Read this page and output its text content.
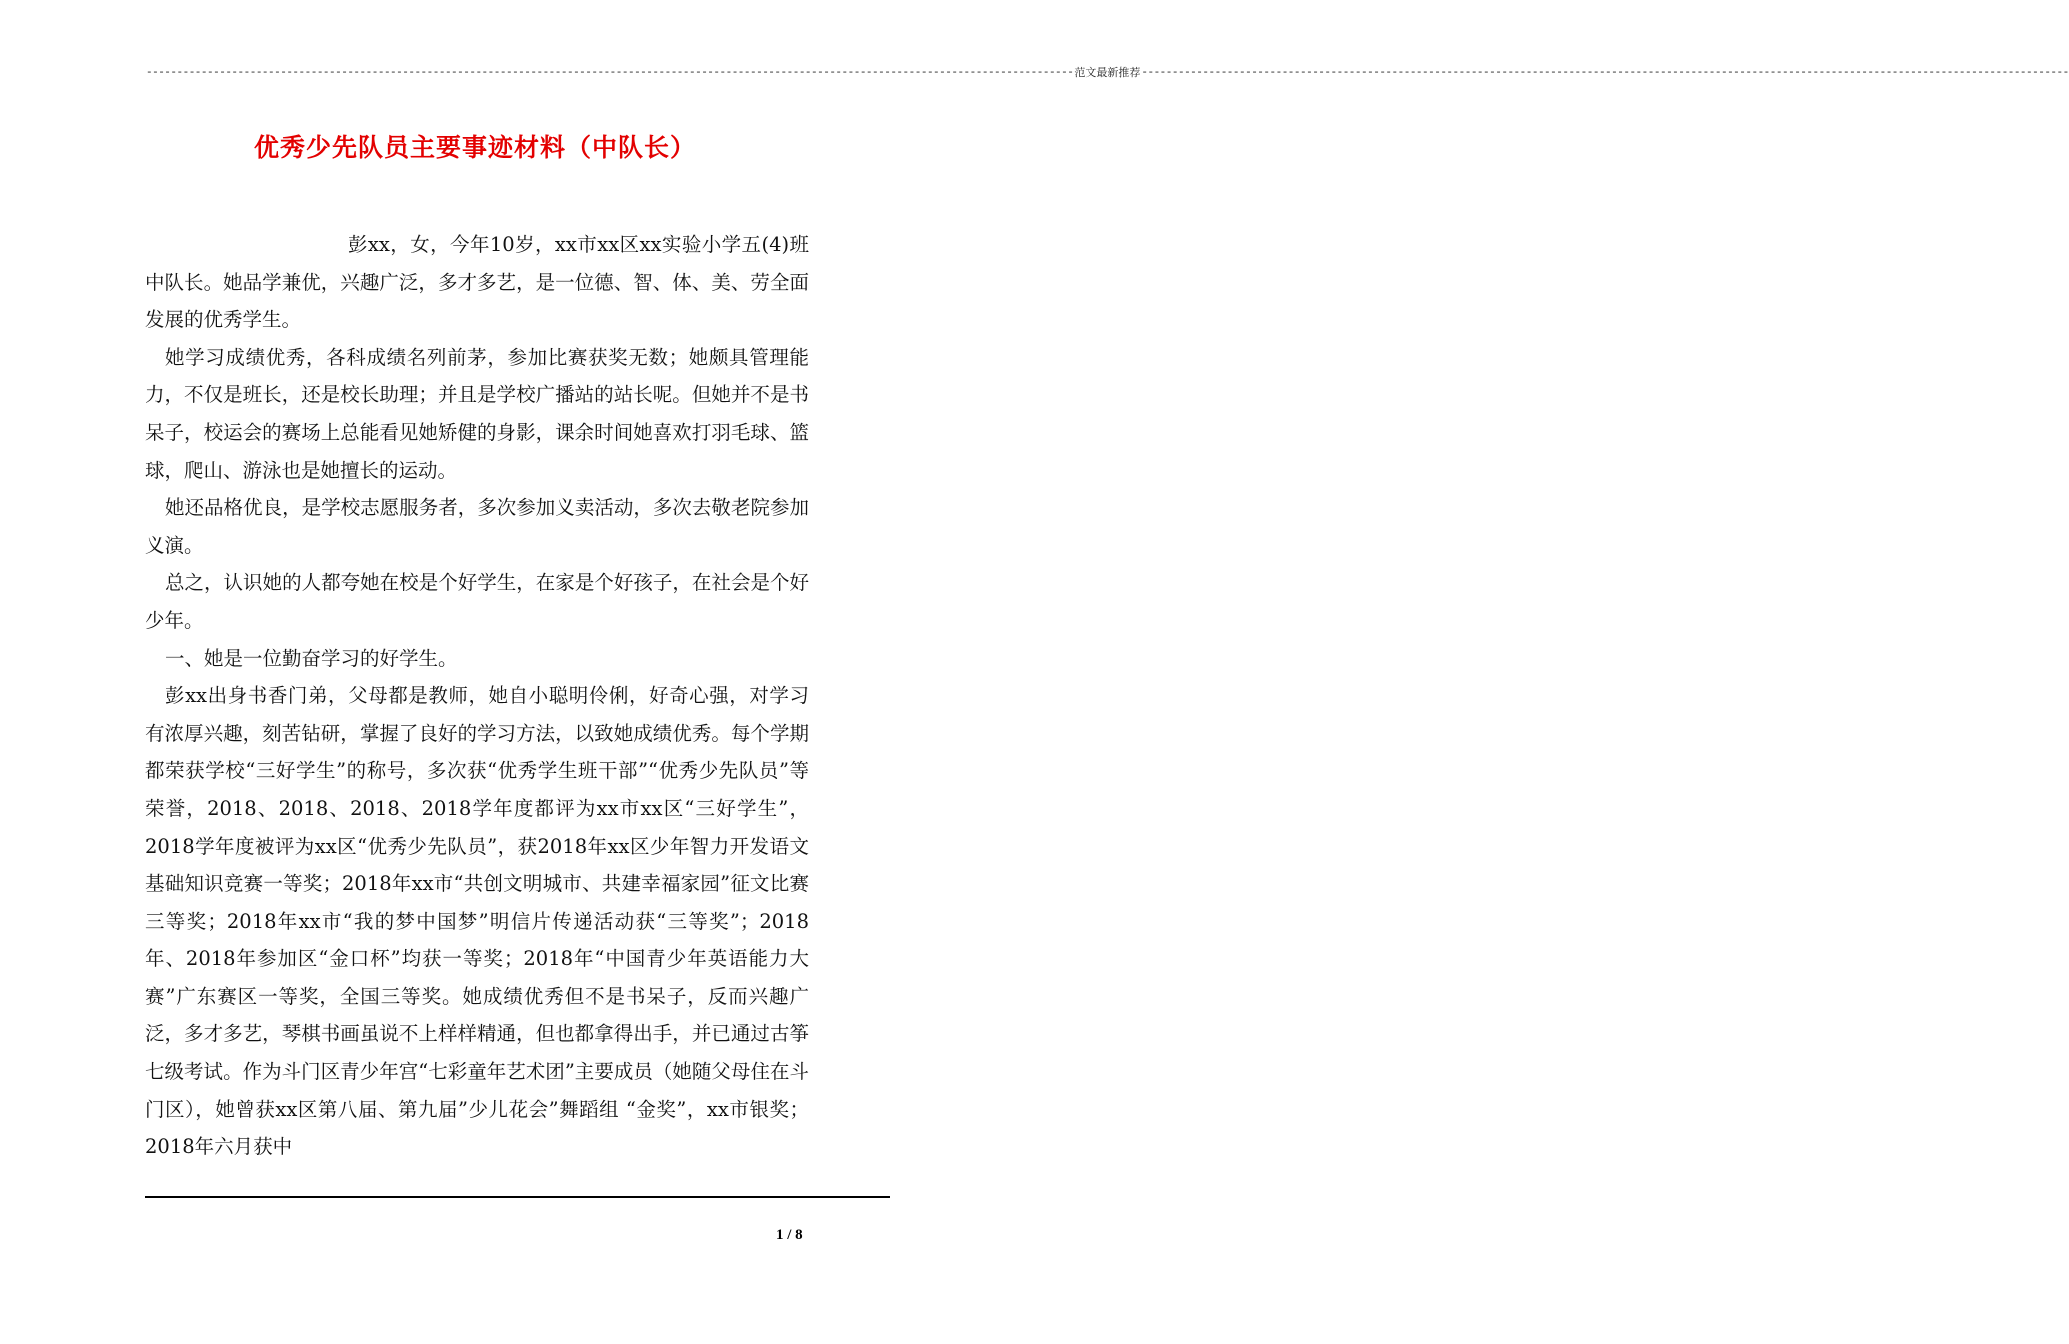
-------------------------------------------------------------------------------------------------------------------------------------------------------- 范文最新推荐 --------------------------------------------------------------------------------------------------------------------------------------------------------
优秀少先队员主要事迹材料（中队长）

彭xx，女，今年10岁，xx市xx区xx实验小学五(4)班中队长。她品学兼优，兴趣广泛，多才多艺，是一位德、智、体、美、劳全面发展的优秀学生。

她学习成绩优秀，各科成绩名列前茅，参加比赛获奖无数；她颇具管理能力，不仅是班长，还是校长助理；并且是学校广播站的站长呢。但她并不是书呆子，校运会的赛场上总能看见她矫健的身影，课余时间她喜欢打羽毛球、篮球，爬山、游泳也是她擅长的运动。

她还品格优良，是学校志愿服务者，多次参加义卖活动，多次去敬老院参加义演。

总之，认识她的人都夸她在校是个好学生，在家是个好孩子，在社会是个好少年。

一、她是一位勤奋学习的好学生。

彭xx出身书香门弟，父母都是教师，她自小聪明伶俐，好奇心强，对学习有浓厚兴趣，刻苦钻研，掌握了良好的学习方法，以致她成绩优秀。每个学期都荣获学校“三好学生”的称号，多次获“优秀学生班干部”“优秀少先队员”等荣誉，2018、2018、2018、2018学年度都评为xx市xx区“三好学生”，2018学年度被评为xx区“优秀少先队员”，获2018年xx区少年智力开发语文基础知识竞赛一等奖；2018年xx市“共创文明城市、共建幸福家园”征文比赛三等奖；2018年xx市“我的梦中国梦”明信片传递活动获“三等奖”；2018年、2018年参加区“金口杯”均获一等奖；2018年“中国青少年英语能力大赛”广东赛区一等奖，全国三等奖。她成绩优秀但不是书呆子，反而兴趣广泛，多才多艺，琴棋书画虽说不上样样精通，但也都拿得出手，并已通过古筝七级考试。作为斗门区青少年宫“七彩童年艺术团”主要成员（她随父母住在斗门区），她曾获xx区第八届、第九届”少儿花会”舞蹈组 “金奖”，xx市银奖；2018年六月获中

1 / 8
